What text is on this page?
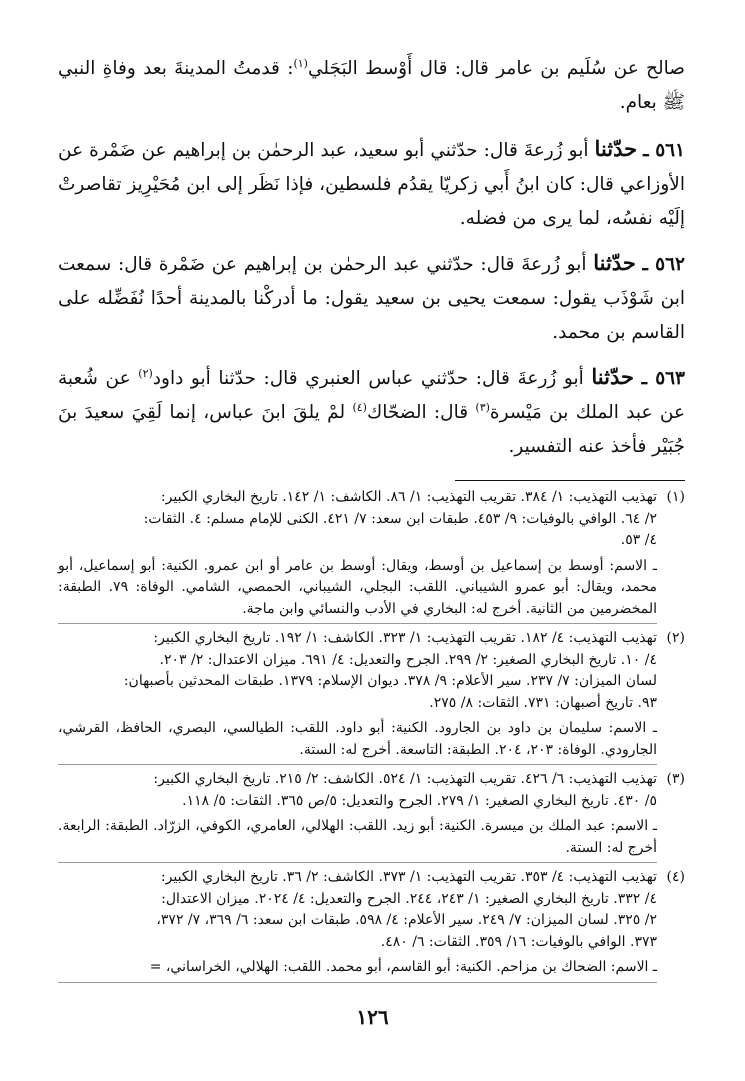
صالح عن سُلَيم بن عامر قال: قال أَوْسط البَجَلي$^{(١)}$: قدمتُ المدينةَ بعد وفاةِ النبي ﷺ بعام.

٥٦١ ـ حدّثنا أبو زُرعةَ قال: حدّثني أبو سعيد، عبد الرحمٰن بن إبراهيم عن ضَمْرة عن الأوزاعي قال: كان ابنُ أَبي زكريّا يقدُم فلسطين، فإذا نَظَر إلى ابن مُحَيْرِيز تقاصرتْ إلَيْه نفسُه، لما يرى من فضله.

٥٦٢ ـ حدّثنا أبو زُرعةَ قال: حدّثني عبد الرحمٰن بن إبراهيم عن ضَمْرة قال: سمعت ابن شَوْذَب يقول: سمعت يحيى بن سعيد يقول: ما أدركْنا بالمدينة أحدًا نُفَضِّله على القاسم بن محمد.

٥٦٣ ـ حدّثنا أبو زُرعةَ قال: حدّثني عباس العنبري قال: حدّثنا أبو داود$^{(٢)}$ عن شُعبة عن عبد الملك بن مَيْسرة$^{(٣)}$ قال: الضحّاك$^{(٤)}$ لمْ يلقَ ابنَ عباس، إنما لَقِيَ سعيدَ بنَ جُبَيْر فأخذ عنه التفسير.

(١)
تهذيب التهذيب: ١/ ٣٨٤. تقريب التهذيب: ١/ ٨٦. الكاشف: ١/ ١٤٢. تاريخ البخاري الكبير:
٢/ ٦٤. الوافي بالوفيات: ٩/ ٤٥٣. طبقات ابن سعد: ٧/ ٤٢١. الكنى للإمام مسلم: ٤. الثقات:
٤/ ٥٣.
ـ الاسم: أوسط بن إسماعيل بن أوسط، ويقال: أوسط بن عامر أو ابن عمرو. الكنية: أبو إسماعيل، أبو محمد، ويقال: أبو عمرو الشيباني. اللقب: البجلي، الشيباني، الحمصي، الشامي. الوفاة: ٧٩. الطبقة: المخضرمين من الثانية. أخرج له: البخاري في الأدب والنسائي وابن ماجة.
(٢)
تهذيب التهذيب: ٤/ ١٨٢. تقريب التهذيب: ١/ ٣٢٣. الكاشف: ١/ ١٩٢. تاريخ البخاري الكبير:
٤/ ١٠. تاريخ البخاري الصغير: ٢/ ٢٩٩. الجرح والتعديل: ٤/ ٦٩١. ميزان الاعتدال: ٢/ ٢٠٣.
لسان الميزان: ٧/ ٢٣٧. سير الأعلام: ٩/ ٣٧٨. ديوان الإسلام: ١٣٧٩. طبقات المحدثين بأصبهان:
٩٣. تاريخ أصبهان: ٧٣١. الثقات: ٨/ ٢٧٥.
ـ الاسم: سليمان بن داود بن الجارود. الكنية: أبو داود. اللقب: الطيالسي، البصري، الحافظ، القرشي، الجارودي. الوفاة: ٢٠٣، ٢٠٤. الطبقة: التاسعة. أخرج له: الستة.
(٣)
تهذيب التهذيب: ٦/ ٤٢٦. تقريب التهذيب: ١/ ٥٢٤. الكاشف: ٢/ ٢١٥. تاريخ البخاري الكبير:
٥/ ٤٣٠. تاريخ البخاري الصغير: ١/ ٢٧٩. الجرح والتعديل: ٥/ص ٣٦٥. الثقات: ٥/ ١١٨.
ـ الاسم: عبد الملك بن ميسرة. الكنية: أبو زيد. اللقب: الهلالي، العامري، الكوفي، الزرّاد. الطبقة: الرابعة. أخرج له: الستة.
(٤)
تهذيب التهذيب: ٤/ ٣٥٣. تقريب التهذيب: ١/ ٣٧٣. الكاشف: ٢/ ٣٦. تاريخ البخاري الكبير:
٤/ ٣٣٢. تاريخ البخاري الصغير: ١/ ٢٤٣، ٢٤٤. الجرح والتعديل: ٤/ ٢٠٢٤. ميزان الاعتدال:
٢/ ٣٢٥. لسان الميزان: ٧/ ٢٤٩. سير الأعلام: ٤/ ٥٩٨. طبقات ابن سعد: ٦/ ٣٦٩، ٧/ ٣٧٢،
٣٧٣. الوافي بالوفيات: ١٦/ ٣٥٩. الثقات: ٦/ ٤٨٠.
ـ الاسم: الضحاك بن مزاحم. الكنية: أبو القاسم، أبو محمد. اللقب: الهلالي، الخراساني، =
١٢٦
